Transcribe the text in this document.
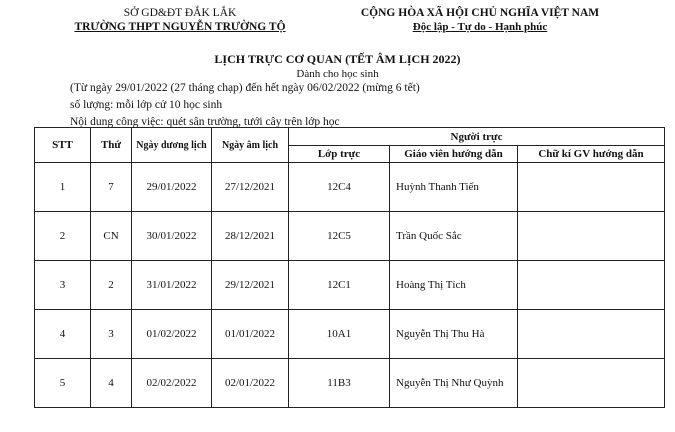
SỞ GD&ĐT ĐẮK LẮK
TRƯỜNG THPT NGUYỄN TRƯỜNG TỘ
CỘNG HÒA XÃ HỘI CHỦ NGHĨA VIỆT NAM
Độc lập - Tự do - Hạnh phúc
LỊCH TRỰC CƠ QUAN (TẾT ÂM LỊCH 2022)
Dành cho học sinh
(Từ ngày 29/01/2022 (27 tháng chạp) đến hết ngày 06/02/2022 (mừng 6 tết)
số lượng: mỗi lớp cử 10 học sinh
Nội dung công việc: quét sân trường, tưới cây trên lớp học
STT	Thứ	Ngày dương lịch	Ngày âm lịch	Người trực		
				Lớp trực	Giáo viên hướng dẫn	Chữ kí GV hướng dẫn
1	7	29/01/2022	27/12/2021	12C4	Huỳnh Thanh Tiến	
2	CN	30/01/2022	28/12/2021	12C5	Trần Quốc Sắc	
3	2	31/01/2022	29/12/2021	12C1	Hoàng Thị Tích	
4	3	01/02/2022	01/01/2022	10A1	Nguyễn Thị Thu Hà	
5	4	02/02/2022	02/01/2022	11B3	Nguyễn Thị Như Quỳnh	
